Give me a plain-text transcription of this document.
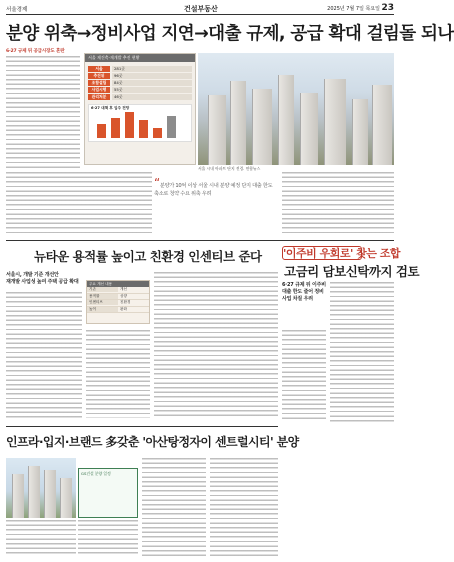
서울경제	건설부동산	2025년 7월 7일 목요일 23
분양 위축→정비사업 지연→대출 규제, 공급 확대 걸림돌 되나
6·27 규제 뒤 공급시장도 혼란
서울 재건축·재개발 추진 현황
서울	281곳
추진위	96곳
조합설립	84곳
사업시행	55곳
관리처분	46곳
6·27 대책 후 입주 전망
서울 시내 아파트 단지 전경. 연합뉴스
“분양가 10억 이상 서울 시내 분양 예정 단지 대출 한도 축소로 청약 수요 위축 우려
뉴타운 용적률 높이고 친환경 인센티브 준다
서울시, 개발 기준 개선안
재개발 사업성 높여 주택 공급 확대	주요 개선 내용
기존	개선
용적률	상향
인센티브	친환경
높이	완화
'이주비 우회로' 찾는 조합
고금리 담보신탁까지 검토
6·27 규제 뒤 이주비 대출 한도 줄어 정비사업 차질 우려
인프라·입지·브랜드 多갖춘 '아산탕정자이 센트럴시티' 분양
GS건설 분양 일정
